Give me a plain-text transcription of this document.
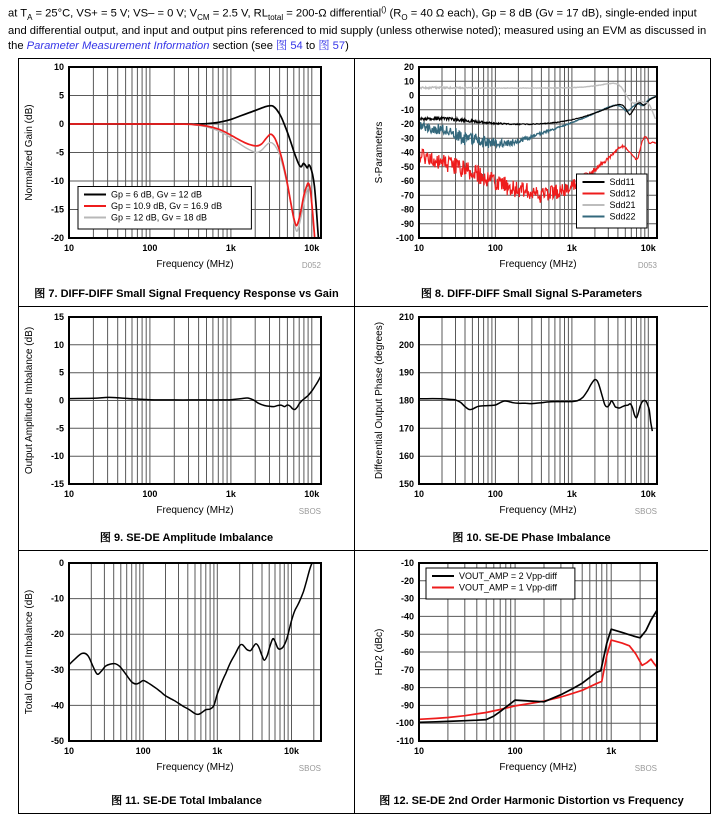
at $T_A = 25^\circ C$, VS+ = 5 V; VS– = 0 V; $V_{CM} = 2.5$ V, $RL_{total} = 200-\Omega$ differential() ($R_O = 40$ Ω each), Gp = 8 dB (Gv = 17 dB), single-ended input and differential output, and input and output pins referenced to mid supply (unless otherwise noted); measured using an EVM as discussed in the Parameter Measurement Information section (see 图 54 to 图 57)
-20
-15
-10
-5
0
5
10
10	100	1k	10k
Normalized Gain (dB)
Frequency (MHz)	D052
Gp = 6 dB, Gv = 12 dB
Gp = 10.9 dB, Gv = 16.9 dB
Gp = 12 dB, Gv = 18 dB
图 7. DIFF-DIFF Small Signal Frequency Response vs Gain
-100
-90
-80
-70
-60
-50
-40
-30
-20
-10
0
10
20
10	100	1k	10k
S-Parameters
Frequency (MHz)	D053
Sdd11
Sdd12
Sdd21
Sdd22
图 8. DIFF-DIFF Small Signal S-Parameters
-15
-10
-5
0
5
10
15
10	100	1k	10k
Output Amplitude Imbalance (dB)
Frequency (MHz)	SBOS
图 9. SE-DE Amplitude Imbalance
150
160
170
180
190
200
210
10	100	1k	10k
Differential Output Phase (degrees)
Frequency (MHz)	SBOS
图 10. SE-DE Phase Imbalance
-50
-40
-30
-20
-10
0
10	100	1k	10k
Total Output Imbalance (dB)
Frequency (MHz)	SBOS
图 11. SE-DE Total Imbalance
-110
-100
-90
-80
-70
-60
-50
-40
-30
-20
-10
10	100	1k
HD2 (dBc)
Frequency (MHz)	SBOS
VOUT_AMP = 2 Vpp-diff
VOUT_AMP = 1 Vpp-diff
图 12. SE-DE 2nd Order Harmonic Distortion vs Frequency
